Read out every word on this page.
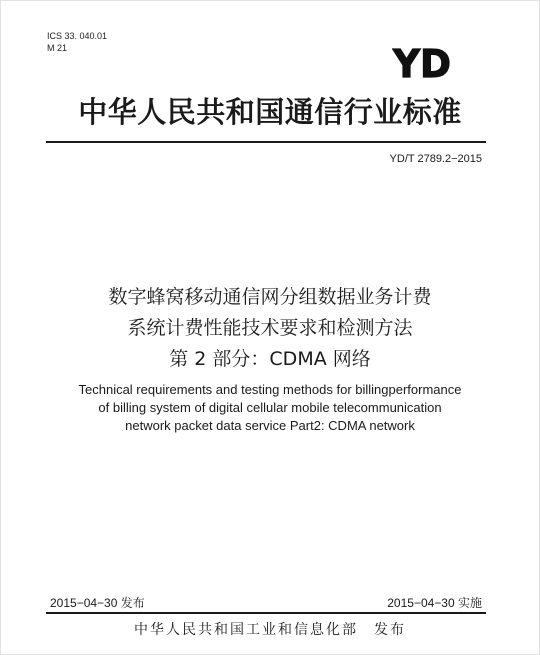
ICS 33. 040.01
M 21	YD
中华人民共和国通信行业标准
YD/T 2789.2−2015
数字蜂窝移动通信网分组数据业务计费
系统计费性能技术要求和检测方法
第 2 部分：CDMA 网络
Technical requirements and testing methods for billingperformance
of billing system of digital cellular mobile telecommunication
network packet data service Part2: CDMA network
2015−04−30 发布	2015−04−30 实施
中华人民共和国工业和信息化部　发布
